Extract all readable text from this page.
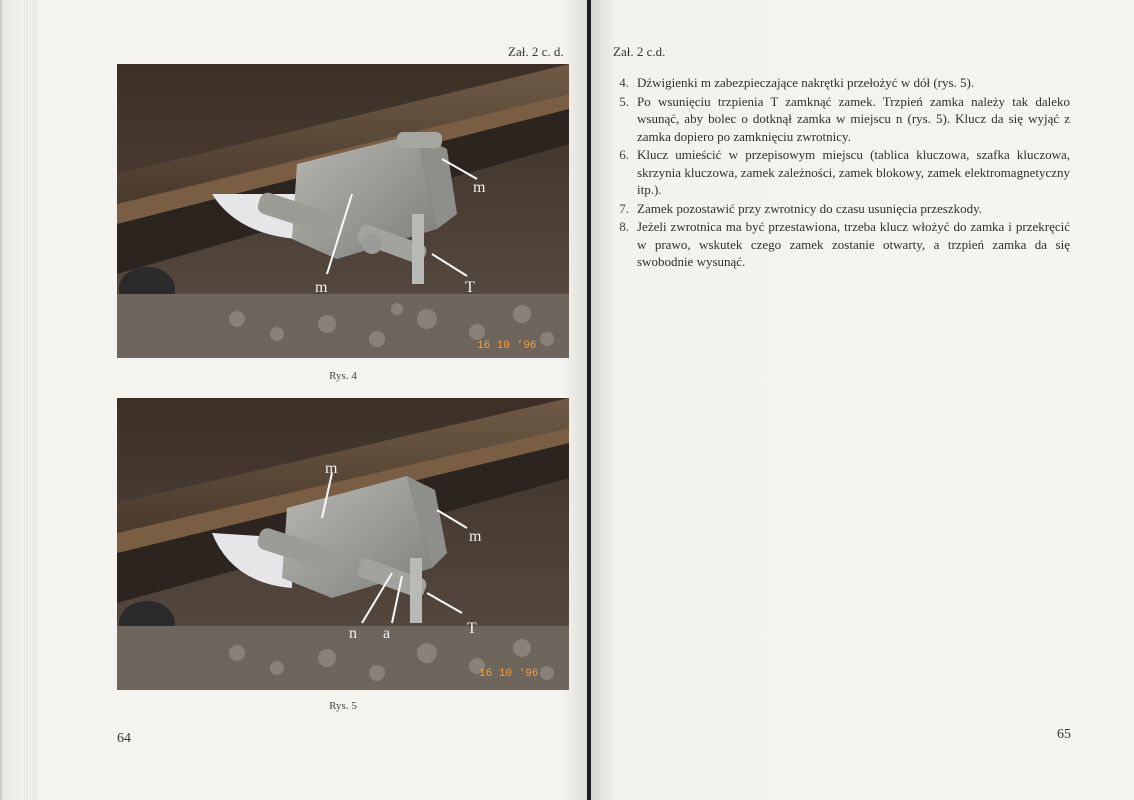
Zał. 2 c. d.
m
m	T
16 10 '96
Rys. 4
m
m
n a	T
16 10 '96
Rys. 5
64
Zał. 2 c.d.
4. Dźwigienki m zabezpieczające nakrętki przełożyć w dół (rys. 5).
5. Po wsunięciu trzpienia T zamknąć zamek. Trzpień zamka należy tak daleko wsunąć, aby bolec o dotknął zamka w miejscu n (rys. 5). Klucz da się wyjąć z zamka dopiero po zamknięciu zwrotnicy.
6. Klucz umieścić w przepisowym miejscu (tablica kluczowa, szafka kluczowa, skrzynia kluczowa, zamek zależności, zamek blokowy, zamek elektromagnetyczny itp.).
7. Zamek pozostawić przy zwrotnicy do czasu usunięcia przeszkody.
8. Jeżeli zwrotnica ma być przestawiona, trzeba klucz włożyć do zamka i przekręcić w prawo, wskutek czego zamek zostanie otwarty, a trzpień zamka da się swobodnie wysunąć.
65
